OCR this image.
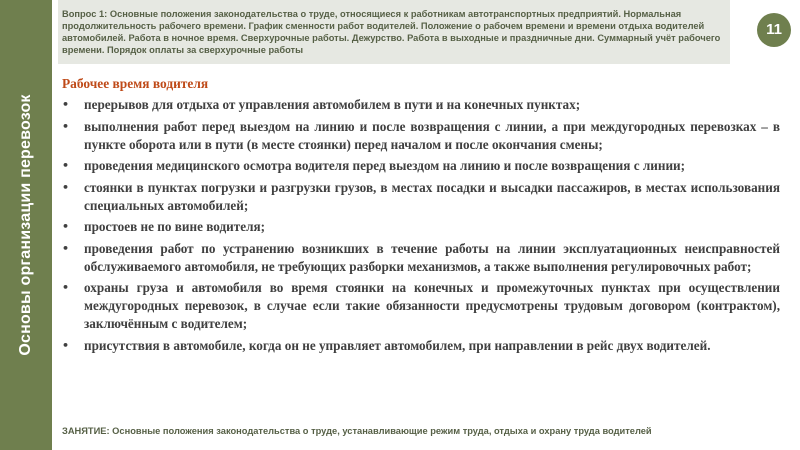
Основы организации перевозок

Вопрос 1: Основные положения законодательства о труде, относящиеся к работникам автотранспортных предприятий. Нормальная продолжительность рабочего времени. График сменности работ водителей. Положение о рабочем времени и времени отдыха водителей автомобилей. Работа в ночное время. Сверхурочные работы. Дежурство. Работа в выходные и праздничные дни. Суммарный учёт рабочего времени. Порядок оплаты за сверхурочные работы

11
Рабочее время водителя
• перерывов для отдыха от управления автомобилем в пути и на конечных пунктах;
• выполнения работ перед выездом на линию и после возвращения с линии, а при междугородных перевозках – в пункте оборота или в пути (в месте стоянки) перед началом и после окончания смены;
• проведения медицинского осмотра водителя перед выездом на линию и после возвращения с линии;
• стоянки в пунктах погрузки и разгрузки грузов, в местах посадки и высадки пассажиров, в местах использования специальных автомобилей;
• простоев не по вине водителя;
• проведения работ по устранению возникших в течение работы на линии эксплуатационных неисправностей обслуживаемого автомобиля, не требующих разборки механизмов, а также выполнения регулировочных работ;
• охраны груза и автомобиля во время стоянки на конечных и промежуточных пунктах при осуществлении междугородных перевозок, в случае если такие обязанности предусмотрены трудовым договором (контрактом), заключённым с водителем;
• присутствия в автомобиле, когда он не управляет автомобилем, при направлении в рейс двух водителей.

ЗАНЯТИЕ: Основные положения законодательства о труде, устанавливающие режим труда, отдыха и охрану труда водителей
